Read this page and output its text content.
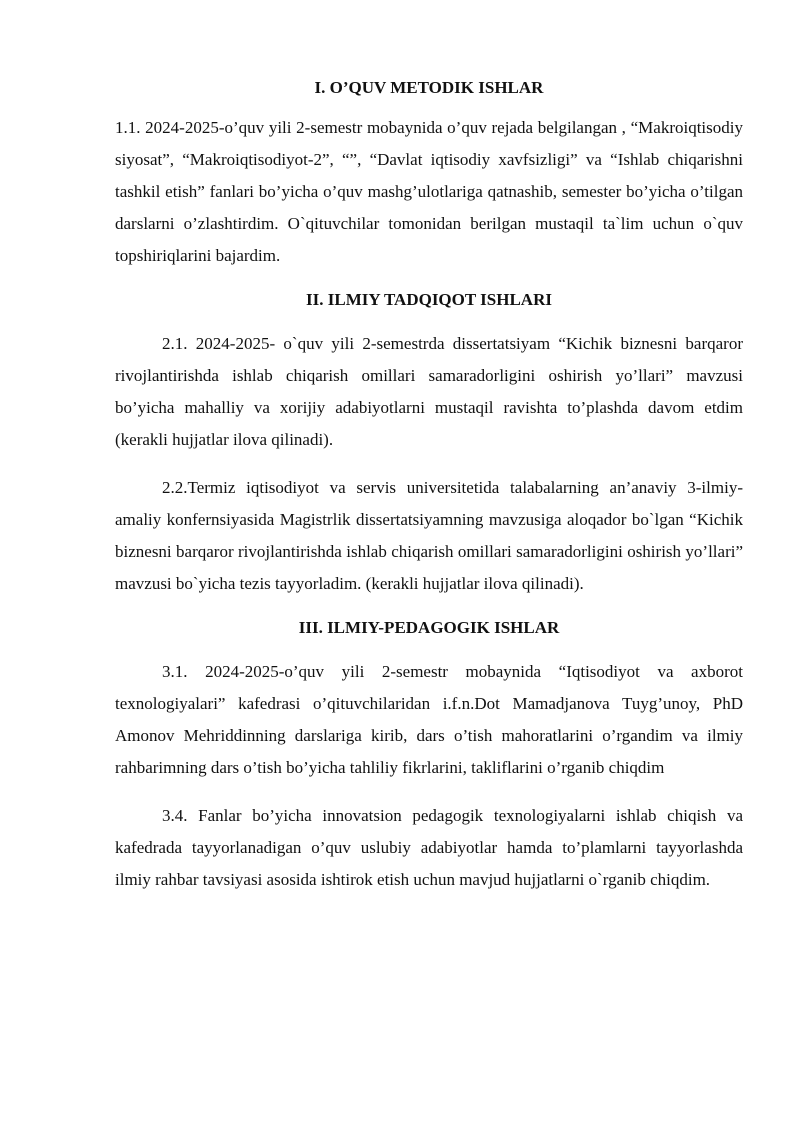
I. O’QUV METODIK ISHLAR

1.1. 2024-2025-o’quv yili 2-semestr mobaynida o’quv rejada belgilangan , “Makroiqtisodiy siyosat”, “Makroiqtisodiyot-2”, “”, “Davlat iqtisodiy xavfsizligi” va “Ishlab chiqarishni tashkil etish” fanlari bo’yicha o’quv mashg’ulotlariga qatnashib, semester bo’yicha o’tilgan darslarni o’zlashtirdim. O`qituvchilar tomonidan berilgan mustaqil ta`lim uchun o`quv topshiriqlarini bajardim.

II. ILMIY TADQIQOT ISHLARI

2.1. 2024-2025- o`quv yili 2-semestrda dissertatsiyam “Kichik biznesni barqaror rivojlantirishda ishlab chiqarish omillari samaradorligini oshirish yo’llari” mavzusi bo’yicha mahalliy va xorijiy adabiyotlarni mustaqil ravishta to’plashda davom etdim (kerakli hujjatlar ilova qilinadi).

2.2.Termiz iqtisodiyot va servis universitetida talabalarning an’anaviy 3-ilmiy-amaliy konfernsiyasida Magistrlik dissertatsiyamning mavzusiga aloqador bo`lgan “Kichik biznesni barqaror rivojlantirishda ishlab chiqarish omillari samaradorligini oshirish yo’llari” mavzusi bo`yicha tezis tayyorladim. (kerakli hujjatlar ilova qilinadi).

III. ILMIY-PEDAGOGIK ISHLAR

3.1. 2024-2025-o’quv yili 2-semestr mobaynida “Iqtisodiyot va axborot texnologiyalari” kafedrasi o’qituvchilaridan i.f.n.Dot Mamadjanova Tuyg’unoy, PhD Amonov Mehriddinning darslariga kirib, dars o’tish mahoratlarini o’rgandim va ilmiy rahbarimning dars o’tish bo’yicha tahliliy fikrlarini, takliflarini o’rganib chiqdim

3.4. Fanlar bo’yicha innovatsion pedagogik texnologiyalarni ishlab chiqish va kafedrada tayyorlanadigan o’quv uslubiy adabiyotlar hamda to’plamlarni tayyorlashda ilmiy rahbar tavsiyasi asosida ishtirok etish uchun mavjud hujjatlarni o`rganib chiqdim.
